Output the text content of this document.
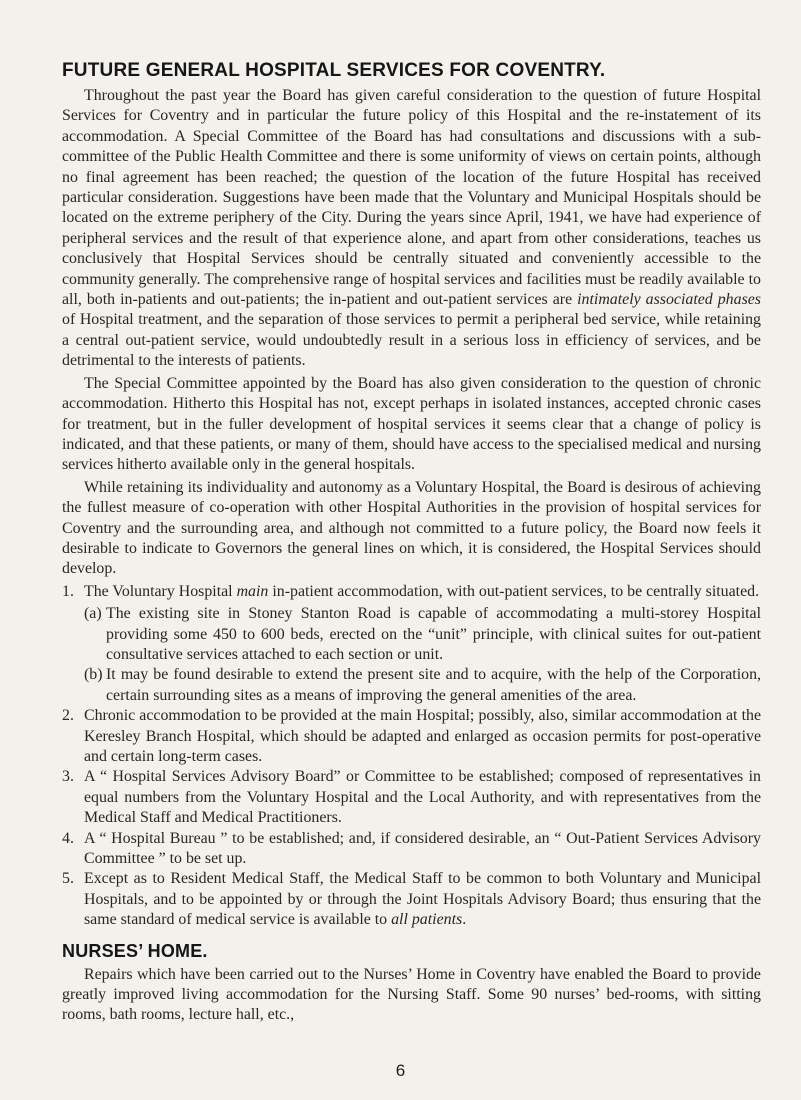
FUTURE GENERAL HOSPITAL SERVICES FOR COVENTRY.

Throughout the past year the Board has given careful consideration to the question of future Hospital Services for Coventry and in particular the future policy of this Hospital and the re-instatement of its accommodation. A Special Committee of the Board has had consultations and discussions with a sub-committee of the Public Health Committee and there is some uniformity of views on certain points, although no final agreement has been reached; the question of the location of the future Hospital has received particular consideration. Suggestions have been made that the Voluntary and Municipal Hospitals should be located on the extreme periphery of the City. During the years since April, 1941, we have had experience of peripheral services and the result of that experience alone, and apart from other considerations, teaches us conclusively that Hospital Services should be centrally situated and conveniently accessible to the community generally. The comprehensive range of hospital services and facilities must be readily available to all, both in-patients and out-patients; the in-patient and out-patient services are intimately associated phases of Hospital treatment, and the separation of those services to permit a peripheral bed service, while retaining a central out-patient service, would undoubtedly result in a serious loss in efficiency of services, and be detrimental to the interests of patients.

The Special Committee appointed by the Board has also given consideration to the question of chronic accommodation. Hitherto this Hospital has not, except perhaps in isolated instances, accepted chronic cases for treatment, but in the fuller development of hospital services it seems clear that a change of policy is indicated, and that these patients, or many of them, should have access to the specialised medical and nursing services hitherto available only in the general hospitals.

While retaining its individuality and autonomy as a Voluntary Hospital, the Board is desirous of achieving the fullest measure of co-operation with other Hospital Authorities in the provision of hospital services for Coventry and the surrounding area, and although not committed to a future policy, the Board now feels it desirable to indicate to Governors the general lines on which, it is considered, the Hospital Services should develop.

1. The Voluntary Hospital main in-patient accommodation, with out-patient services, to be centrally situated.
(a) The existing site in Stoney Stanton Road is capable of accommodating a multi-storey Hospital providing some 450 to 600 beds, erected on the “unit” principle, with clinical suites for out-patient consultative services attached to each section or unit.
(b) It may be found desirable to extend the present site and to acquire, with the help of the Corporation, certain surrounding sites as a means of improving the general amenities of the area.
2. Chronic accommodation to be provided at the main Hospital; possibly, also, similar accommodation at the Keresley Branch Hospital, which should be adapted and enlarged as occasion permits for post-operative and certain long-term cases.
3. A “ Hospital Services Advisory Board” or Committee to be established; composed of representatives in equal numbers from the Voluntary Hospital and the Local Authority, and with representatives from the Medical Staff and Medical Practitioners.
4. A “ Hospital Bureau ” to be established; and, if considered desirable, an “ Out-Patient Services Advisory Committee ” to be set up.
5. Except as to Resident Medical Staff, the Medical Staff to be common to both Voluntary and Municipal Hospitals, and to be appointed by or through the Joint Hospitals Advisory Board; thus ensuring that the same standard of medical service is available to all patients.
NURSES’ HOME.

Repairs which have been carried out to the Nurses’ Home in Coventry have enabled the Board to provide greatly improved living accommodation for the Nursing Staff. Some 90 nurses’ bed-rooms, with sitting rooms, bath rooms, lecture hall, etc.,

6
